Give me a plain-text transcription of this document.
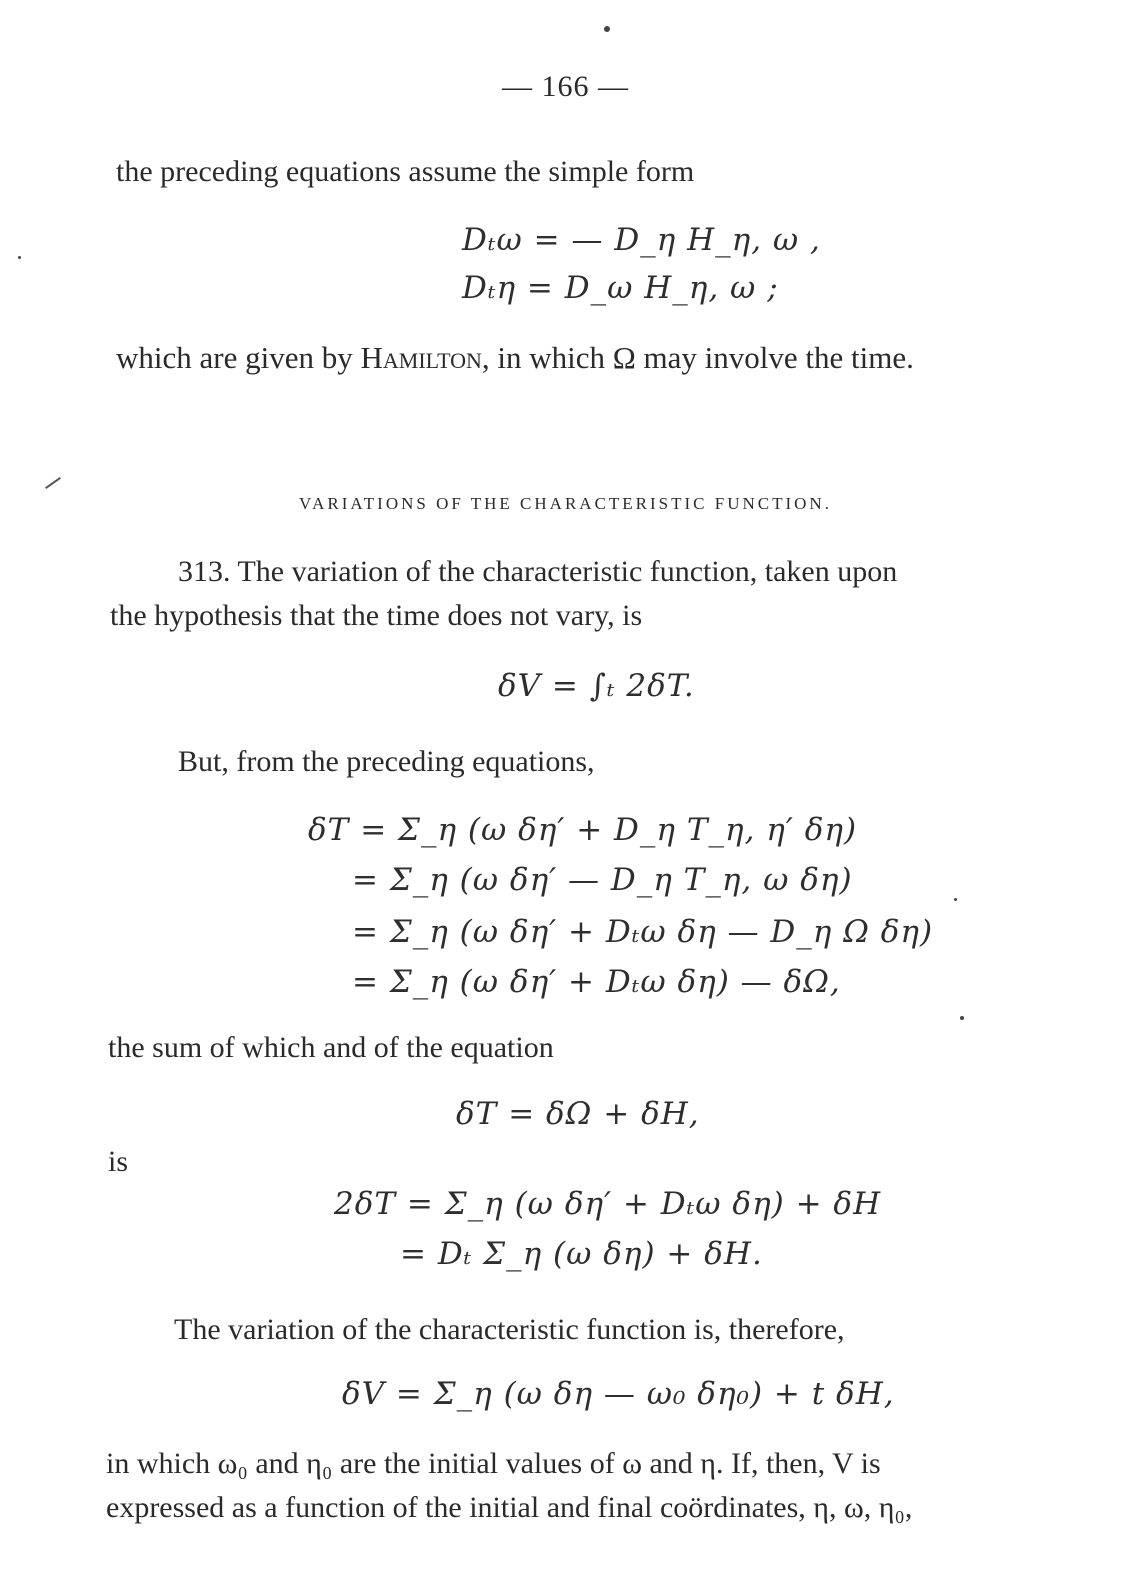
— 166 —
the preceding equations assume the simple form
Dₜω = — D_η H_η, ω ,
Dₜη = D_ω H_η, ω ;
which are given by Hamilton, in which Ω may involve the time.
VARIATIONS OF THE CHARACTERISTIC FUNCTION.
313. The variation of the characteristic function, taken upon
the hypothesis that the time does not vary, is
δV = ∫ₜ 2δT.
But, from the preceding equations,
δT = Σ_η (ω δη′ + D_η T_η, η′ δη)
= Σ_η (ω δη′ — D_η T_η, ω δη)
= Σ_η (ω δη′ + Dₜω δη — D_η Ω δη)
= Σ_η (ω δη′ + Dₜω δη) — δΩ,
the sum of which and of the equation
δT = δΩ + δH,
is
2δT = Σ_η (ω δη′ + Dₜω δη) + δH
= Dₜ Σ_η (ω δη) + δH.
The variation of the characteristic function is, therefore,
δV = Σ_η (ω δη — ω₀ δη₀) + t δH,
in which ω₀ and η₀ are the initial values of ω and η. If, then, V is
expressed as a function of the initial and final coördinates, η, ω, η₀,
